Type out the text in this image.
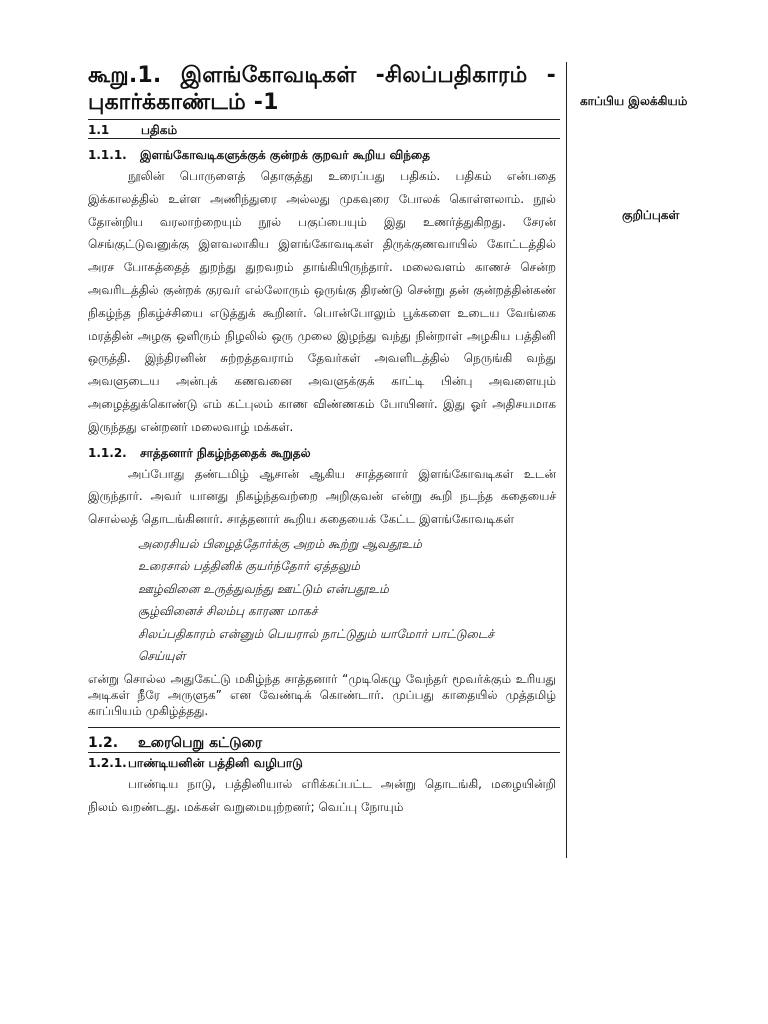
கூறு.1. இளங்கோவடிகள் -சிலப்பதிகாரம் -
புகார்க்காண்டம் -1

1.1	பதிகம்

1.1.1. இளங்கோவடிகளுக்குக் குன்றக் குறவர் கூறிய விந்தை

நூலின் பொருளைத் தொகுத்து உரைப்பது பதிகம். பதிகம் என்பதை இக்காலத்தில் உள்ள அணிந்துரை அல்லது முகவுரை போலக் கொள்ளலாம். நூல் தோன்றிய வரலாற்றையும் நூல் பகுப்பையும் இது உணர்த்துகிறது. சேரன் செங்குட்டுவனுக்கு இளவலாகிய இளங்கோவடிகள் திருக்குணவாயில் கோட்டத்தில் அரச போகத்தைத் துறந்து துறவறம் தாங்கியிருந்தார். மலைவளம் காணச் சென்ற அவரிடத்தில் குன்றக் குரவர் எல்லோரும் ஒருங்கு திரண்டு சென்று தன் குன்றத்தின்கண் நிகழ்ந்த நிகழ்ச்சியை எடுத்துக் கூறினர். பொன்போலும் பூக்களை உடைய வேங்கை மரத்தின் அழகு ஒளிரும் நிழலில் ஒரு முலை இழந்து வந்து நின்றாள் அழகிய பத்தினி ஒருத்தி. இந்திரனின் சுற்றத்தவராம் தேவர்கள் அவளிடத்தில் நெருங்கி வந்து அவளுடைய அன்புக் கணவனை அவளுக்குக் காட்டி பின்பு அவளையும் அழைத்துக்கொண்டு எம் கட்புலம் காண விண்ணகம் போயினர். இது ஓர் அதிசயமாக இருந்தது என்றனர் மலைவாழ் மக்கள்.

1.1.2. சாத்தனார் நிகழ்ந்ததைக் கூறுதல்

அப்போது தண்டமிழ் ஆசான் ஆகிய சாத்தனார் இளங்கோவடிகள் உடன் இருந்தார். அவர் யானது நிகழ்ந்தவற்றை அறிகுவன் என்று கூறி நடந்த கதையைச் சொல்லத் தொடங்கினார். சாத்தனார் கூறிய கதையைக் கேட்ட இளங்கோவடிகள்

அரைசியல் பிழைத்தோர்க்கு அறம் கூற்று ஆவதூஉம்
உரைசால் பத்தினிக் குயர்ந்தோர் ஏத்தலும்
ஊழ்வினை உருத்துவந்து ஊட்டும் என்பதூஉம்
சூழ்வினைச் சிலம்பு காரண மாகச்
சிலப்பதிகாரம் என்னும் பெயரால் நாட்டுதும் யாமோர் பாட்டுடைச்
செய்யுள்

என்று சொல்ல அதுகேட்டு மகிழ்ந்த சாத்தனார் “முடிகெழு வேந்தர் மூவர்க்கும் உரியது அடிகள் நீரே அருளுக” என வேண்டிக் கொண்டார். முப்பது காதையில் முத்தமிழ் காப்பியம் முகிழ்த்தது.

1.2. உரைபெறு கட்டுரை

1.2.1.பாண்டியனின் பத்தினி வழிபாடு

பாண்டிய நாடு, பத்தினியால் எரிக்கப்பட்ட அன்று தொடங்கி, மழையின்றி நிலம் வறண்டது. மக்கள் வறுமையுற்றனர்; வெப்பு நோயும்

காப்பிய இலக்கியம்
குறிப்புகள்
